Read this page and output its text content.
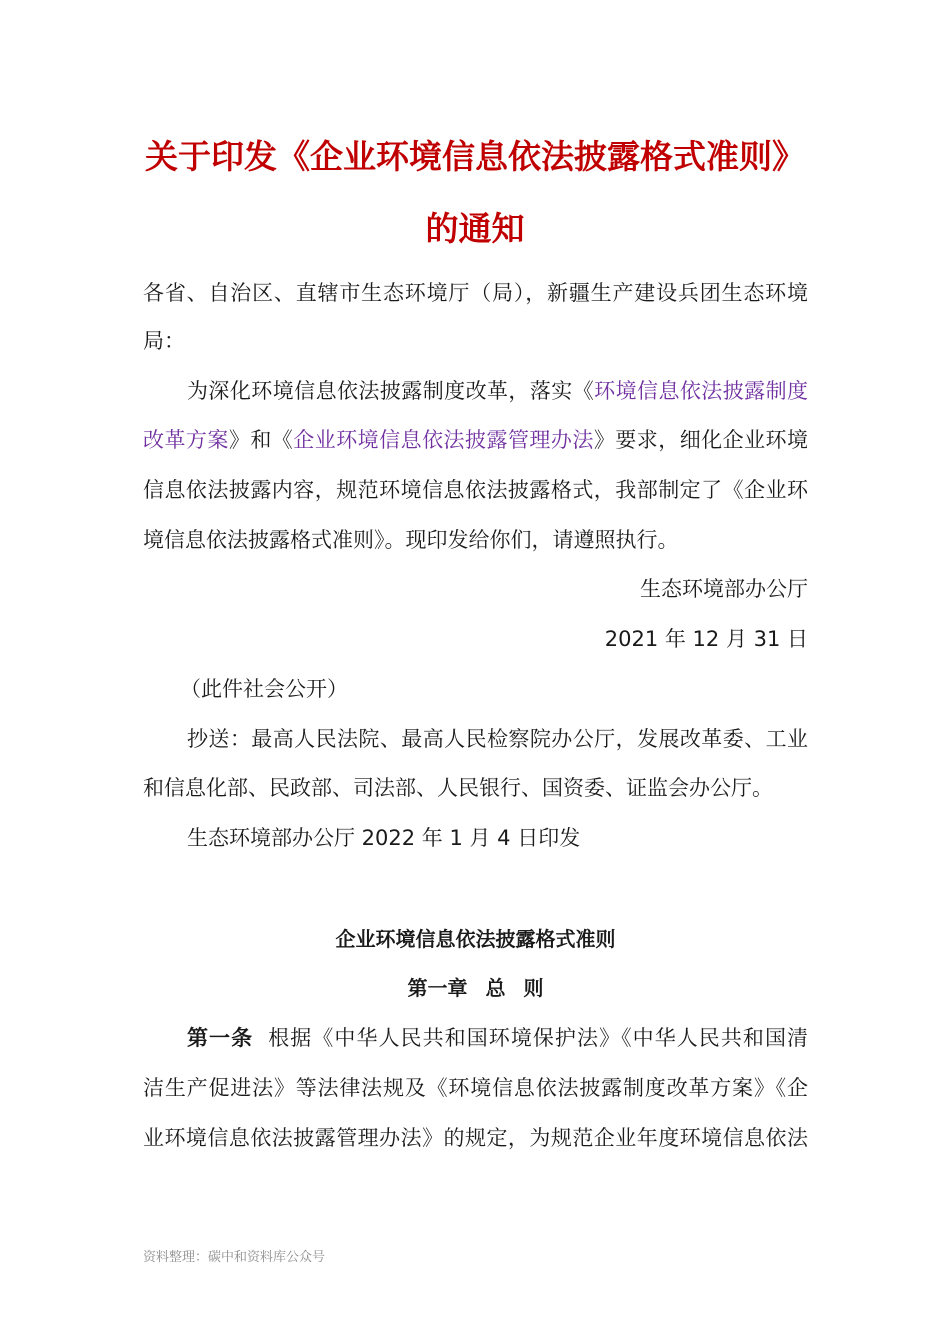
关于印发《企业环境信息依法披露格式准则》
的通知

各省、自治区、直辖市生态环境厅（局），新疆生产建设兵团生态环境

局：

为深化环境信息依法披露制度改革，落实《环境信息依法披露制度

改革方案》和《企业环境信息依法披露管理办法》要求，细化企业环境

信息依法披露内容，规范环境信息依法披露格式，我部制定了《企业环

境信息依法披露格式准则》。现印发给你们，请遵照执行。

生态环境部办公厅

2021 年 12 月 31 日

（此件社会公开）

抄送：最高人民法院、最高人民检察院办公厅，发展改革委、工业

和信息化部、民政部、司法部、人民银行、国资委、证监会办公厅。

生态环境部办公厅 2022 年 1 月 4 日印发

企业环境信息依法披露格式准则
第一章 总 则

第一条 根据《中华人民共和国环境保护法》《中华人民共和国清

洁生产促进法》等法律法规及《环境信息依法披露制度改革方案》《企

业环境信息依法披露管理办法》的规定，为规范企业年度环境信息依法

资料整理：碳中和资料库公众号
